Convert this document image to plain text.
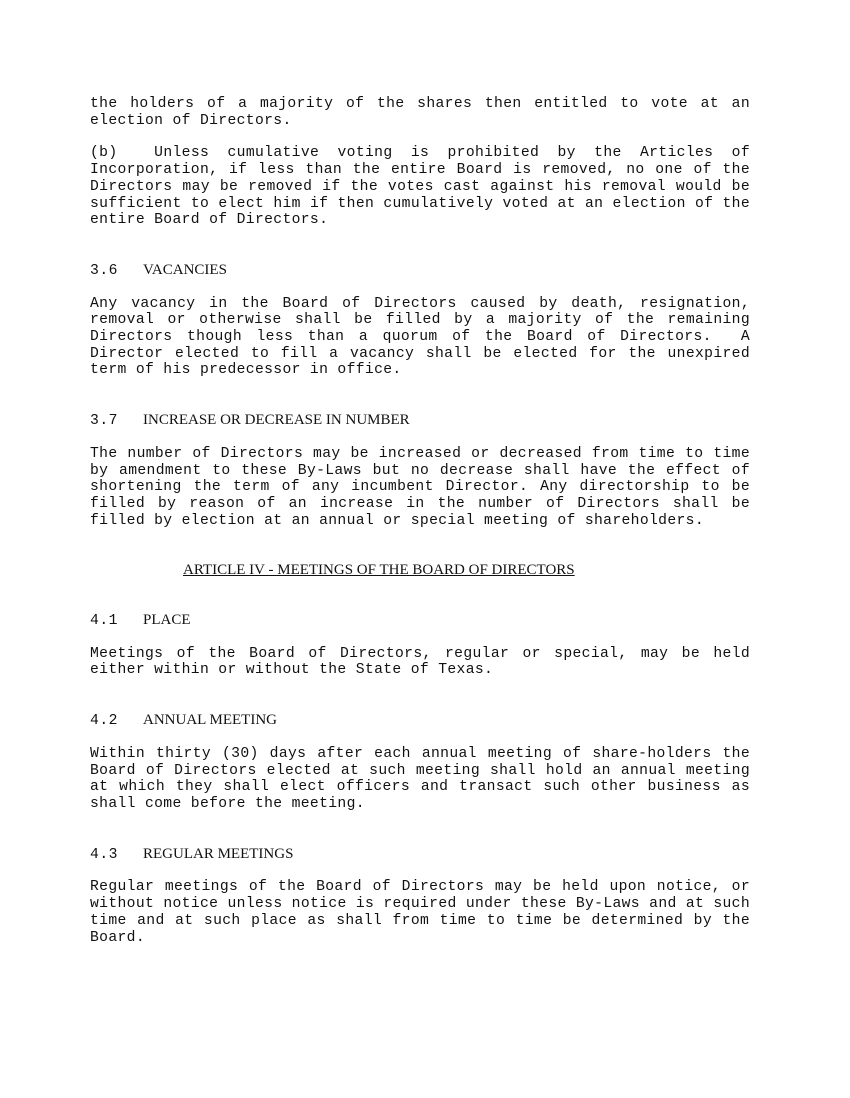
the holders of a majority of the shares then entitled to vote at an election of Directors.

(b)  Unless cumulative voting is prohibited by the Articles of Incorporation, if less than the entire Board is removed, no one of the Directors may be removed if the votes cast against his removal would be sufficient to elect him if then cumulatively voted at an election of the entire Board of Directors.

3.6	VACANCIES

Any vacancy in the Board of Directors caused by death, resignation, removal or otherwise shall be filled by a majority of the remaining Directors though less than a quorum of the Board of Directors.  A Director elected to fill a vacancy shall be elected for the unexpired term of his predecessor in office.

3.7	INCREASE OR DECREASE IN NUMBER

The number of Directors may be increased or decreased from time to time by amendment to these By-Laws but no decrease shall have the effect of shortening the term of any incumbent Director. Any directorship to be filled by reason of an increase in the number of Directors shall be filled by election at an annual or special meeting of shareholders.

ARTICLE IV - MEETINGS OF THE BOARD OF DIRECTORS

4.1	PLACE

Meetings of the Board of Directors, regular or special, may be held either within or without the State of Texas.

4.2	ANNUAL MEETING

Within thirty (30) days after each annual meeting of share-holders the Board of Directors elected at such meeting shall hold an annual meeting at which they shall elect officers and transact such other business as shall come before the meeting.

4.3	REGULAR MEETINGS

Regular meetings of the Board of Directors may be held upon notice, or without notice unless notice is required under these By-Laws and at such time and at such place as shall from time to time be determined by the Board.
